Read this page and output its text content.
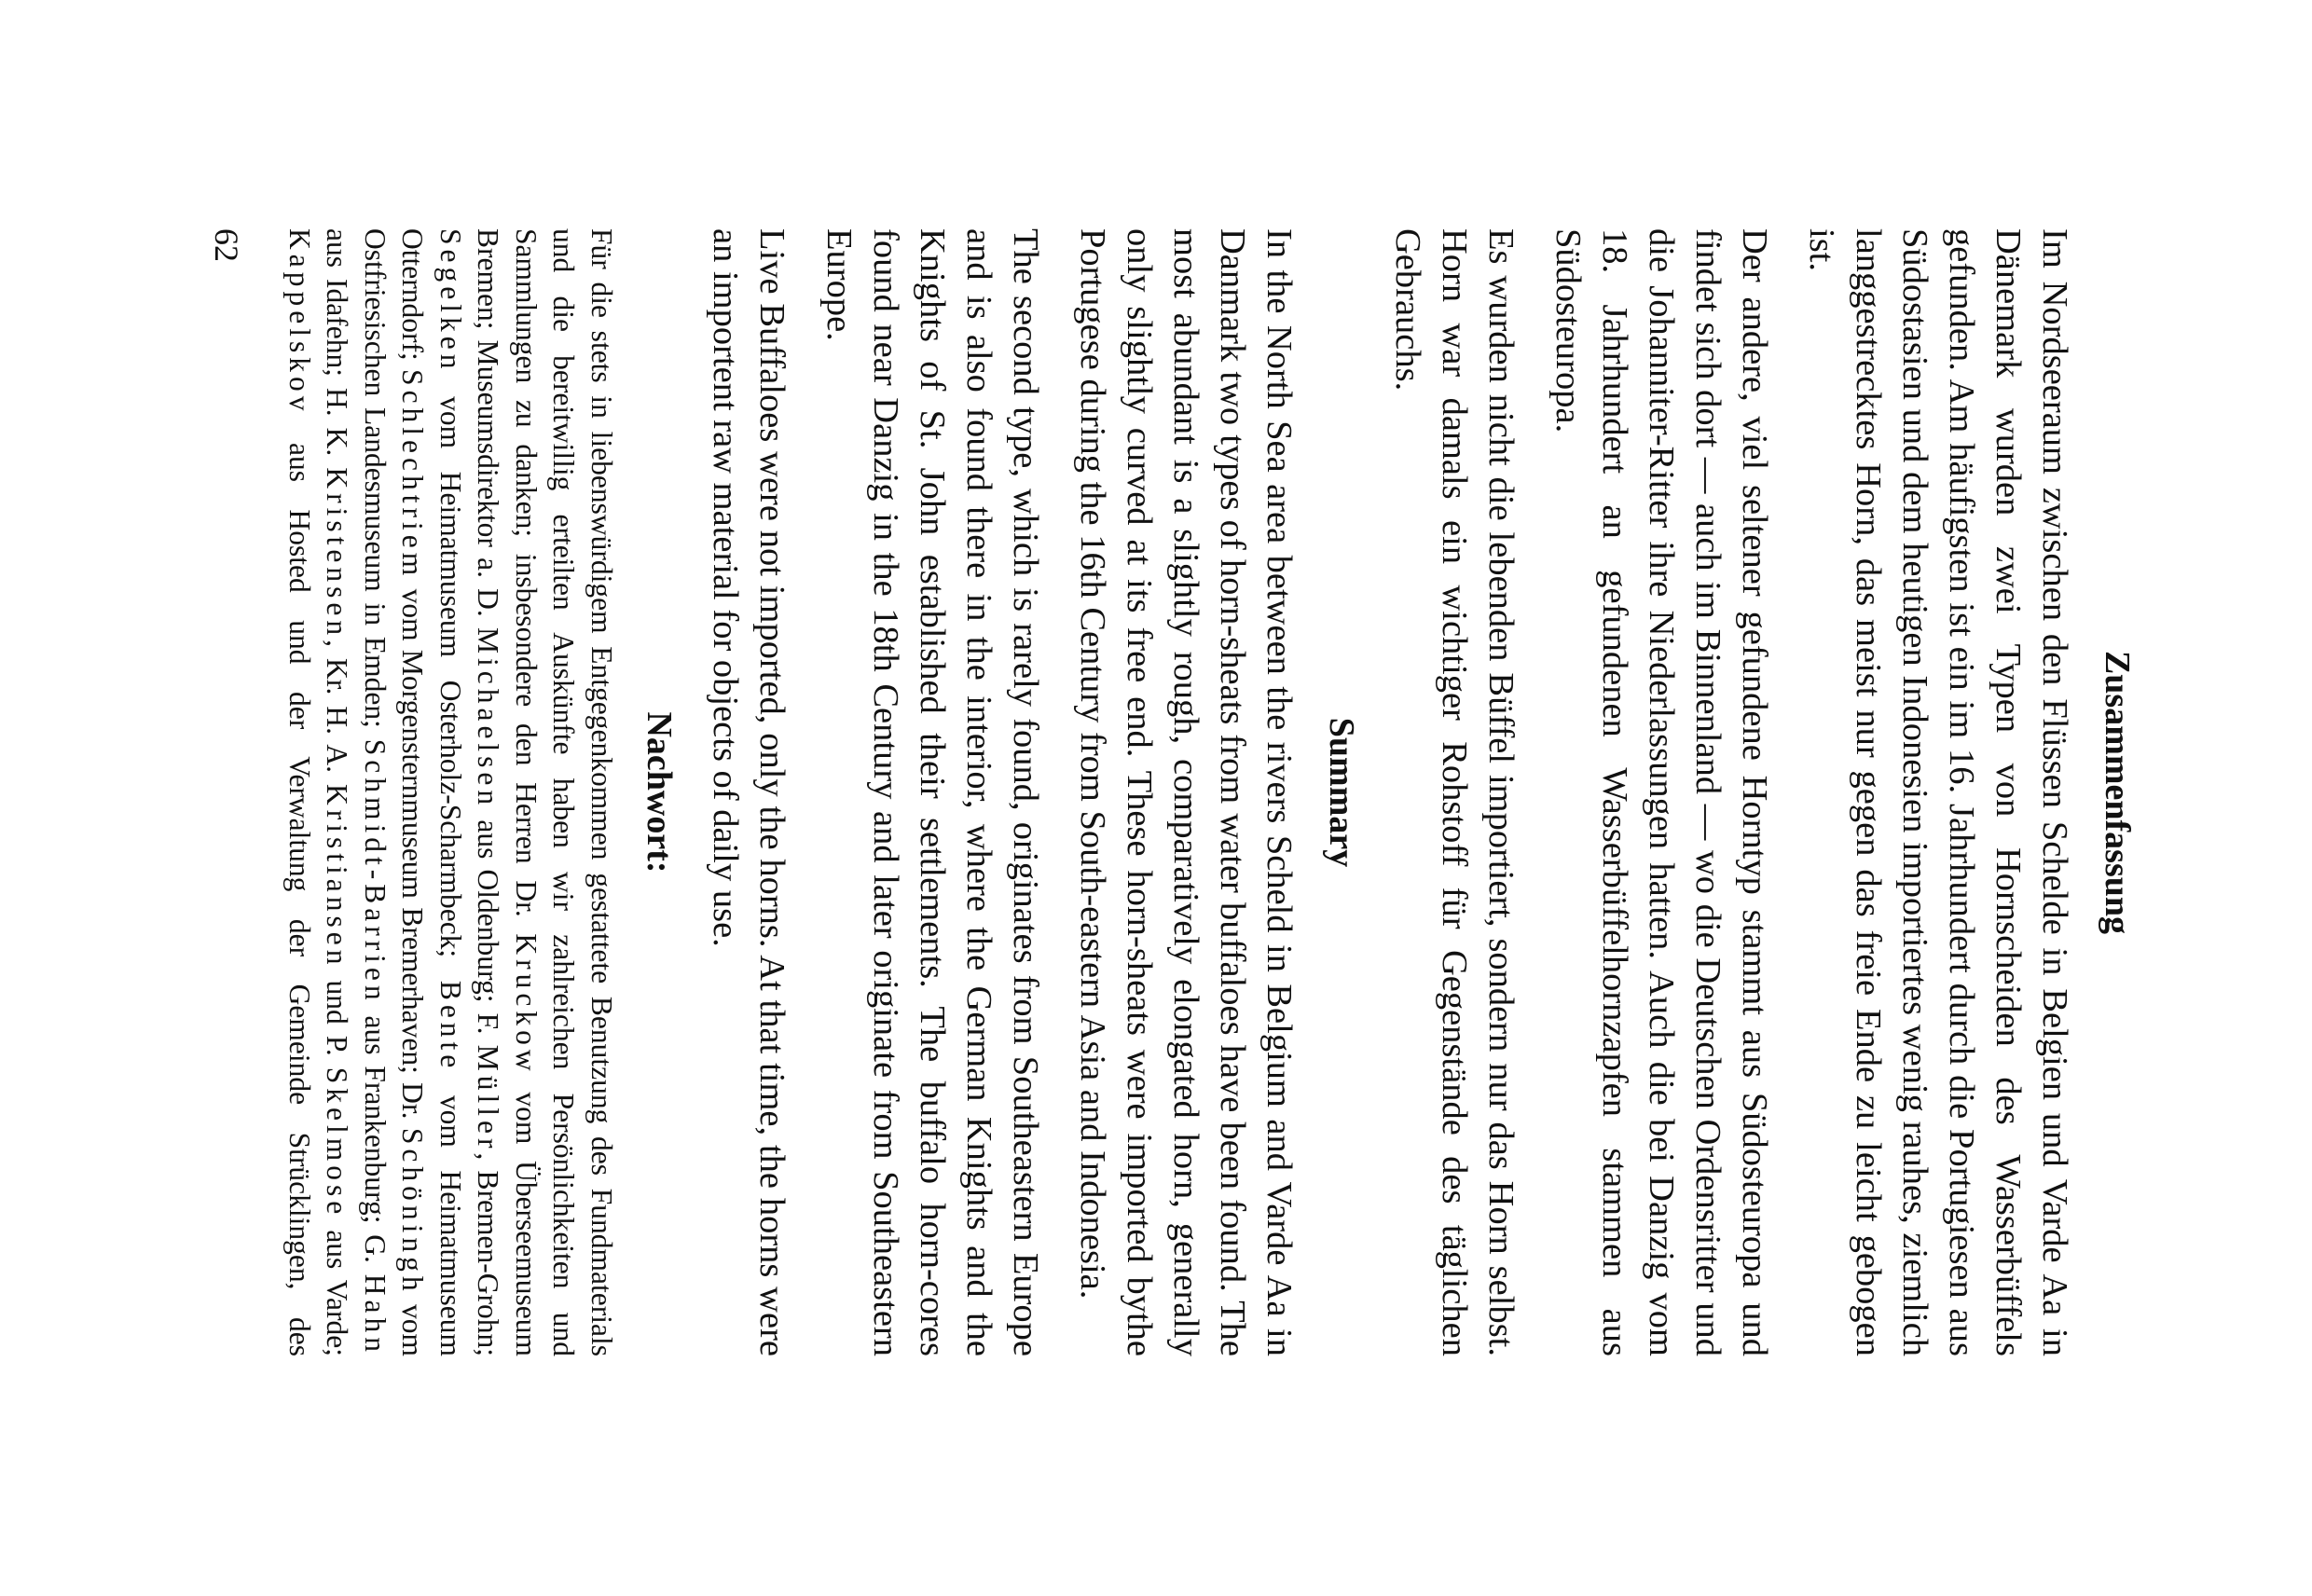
Zusammenfassung

Im Nordseeraum zwischen den Flüssen Schelde in Belgien und Varde Aa in Dänemark wurden zwei Typen von Hornscheiden des Wasserbüffels gefunden. Am häufigsten ist ein im 16. Jahrhundert durch die Portugiesen aus Südostasien und dem heutigen Indonesien importiertes wenig rauhes, ziemlich langgestrecktes Horn, das meist nur gegen das freie Ende zu leicht gebogen ist.

Der andere, viel seltener gefundene Horntyp stammt aus Südosteuropa und findet sich dort — auch im Binnenland — wo die Deutschen Ordensritter und die Johanniter-Ritter ihre Niederlassungen hatten. Auch die bei Danzig vom 18. Jahrhundert an gefundenen Wasserbüffelhornzapfen stammen aus Südosteuropa.

Es wurden nicht die lebenden Büffel importiert, sondern nur das Horn selbst. Horn war damals ein wichtiger Rohstoff für Gegenstände des täglichen Gebrauchs.

Summary

In the North Sea area between the rivers Scheld in Belgium and Varde Aa in Danmark two types of horn-sheats from water buffaloes have been found. The most abundant is a slightly rough, comparatively elongated horn, generally only slightly curved at its free end. These horn-sheats were imported bythe Portugese during the 16th Century from South-eastern Asia and Indonesia.

The second type, which is rarely found, originates from Southeastern Europe and is also found there in the interior, where the German Knights and the Knights of St. John established their settlements. The buffalo horn-cores found near Danzig in the 18th Century and later originate from Southeastern Europe.

Live Buffaloes were not imported, only the horns. At that time, the horns were an importent raw material for objects of daily use.

Nachwort:

Für die stets in liebenswürdigem Entgegenkommen gestattete Benutzung des Fundmaterials und die bereitwillig erteilten Auskünfte haben wir zahlreichen Persönlichkeiten und Sammlungen zu danken; insbesondere den Herren Dr. Kruckow vom Überseemuseum Bremen; Museumsdirektor a. D. Michaelsen aus Oldenburg; F. Müller, Bremen-Grohn; Segelken vom Heimatmuseum Osterholz-Scharmbeck; Bente vom Heimatmuseum Otterndorf; Schlechtriem vom Morgensternmuseum Bremerhaven; Dr. Schöningh vom Ostfriesischen Landesmuseum in Emden; Schmidt-Barrien aus Frankenburg; G. Hahn aus Idafehn; H. K. Kristensen, Kr. H. A. Kristiansen und P. Skelmose aus Varde; Kappelskov aus Hosted und der Verwaltung der Gemeinde Strücklingen, des

62
